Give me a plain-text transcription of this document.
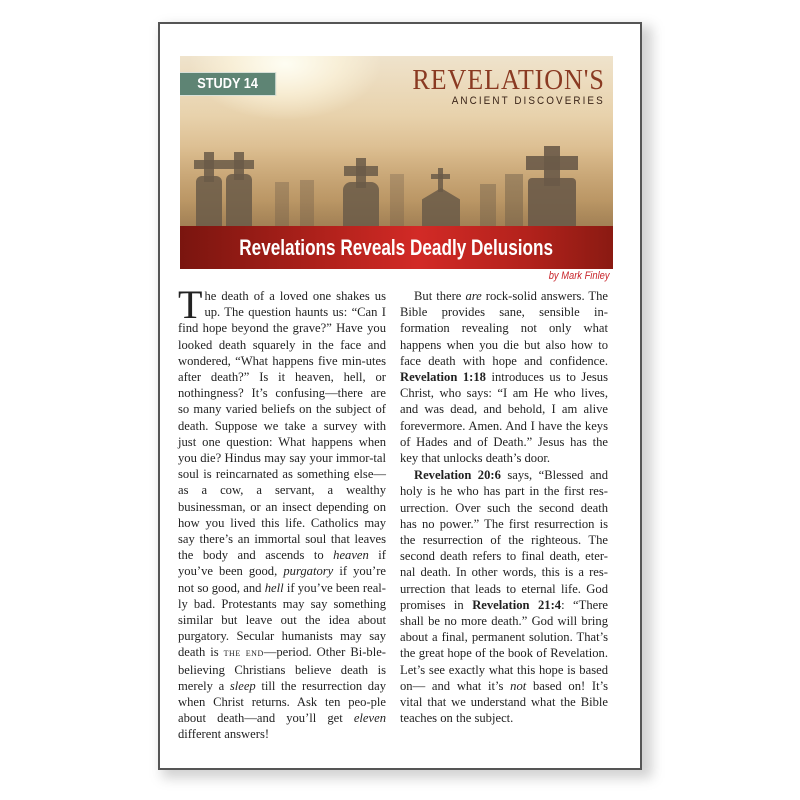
STUDY 14	REVELATION'S
ANCIENT DISCOVERIES
Revelations Reveals Deadly Delusions
by Mark Finley

The death of a loved one shakes us up. The question haunts us: “Can I find hope beyond the grave?” Have you looked death squarely in the face and wondered, “What happens five min-utes after death?” Is it heaven, hell, or nothingness? It’s confusing—there are so many varied beliefs on the subject of death. Suppose we take a survey with just one question: What happens when you die? Hindus may say your immor-tal soul is reincarnated as something else—as a cow, a servant, a wealthy businessman, or an insect depending on how you lived this life. Catholics may say there’s an immortal soul that leaves the body and ascends to heaven if you’ve been good, purgatory if you’re not so good, and hell if you’ve been real-ly bad. Protestants may say something similar but leave out the idea about purgatory. Secular humanists may say death is the end—period. Other Bi-ble-believing Christians believe death is merely a sleep till the resurrection day when Christ returns. Ask ten peo-ple about death—and you’ll get eleven different answers!

But there are rock-solid answers. The Bible provides sane, sensible in-formation revealing not only what happens when you die but also how to face death with hope and confidence. Revelation 1:18 introduces us to Jesus Christ, who says: “I am He who lives, and was dead, and behold, I am alive forevermore. Amen. And I have the keys of Hades and of Death.” Jesus has the key that unlocks death’s door.

Revelation 20:6 says, “Blessed and holy is he who has part in the first res-urrection. Over such the second death has no power.” The first resurrection is the resurrection of the righteous. The second death refers to final death, eter-nal death. In other words, this is a res-urrection that leads to eternal life. God promises in Revelation 21:4: “There shall be no more death.” God will bring about a final, permanent solution. That’s the great hope of the book of Revelation. Let’s see exactly what this hope is based on— and what it’s not based on! It’s vital that we understand what the Bible teaches on the subject.
